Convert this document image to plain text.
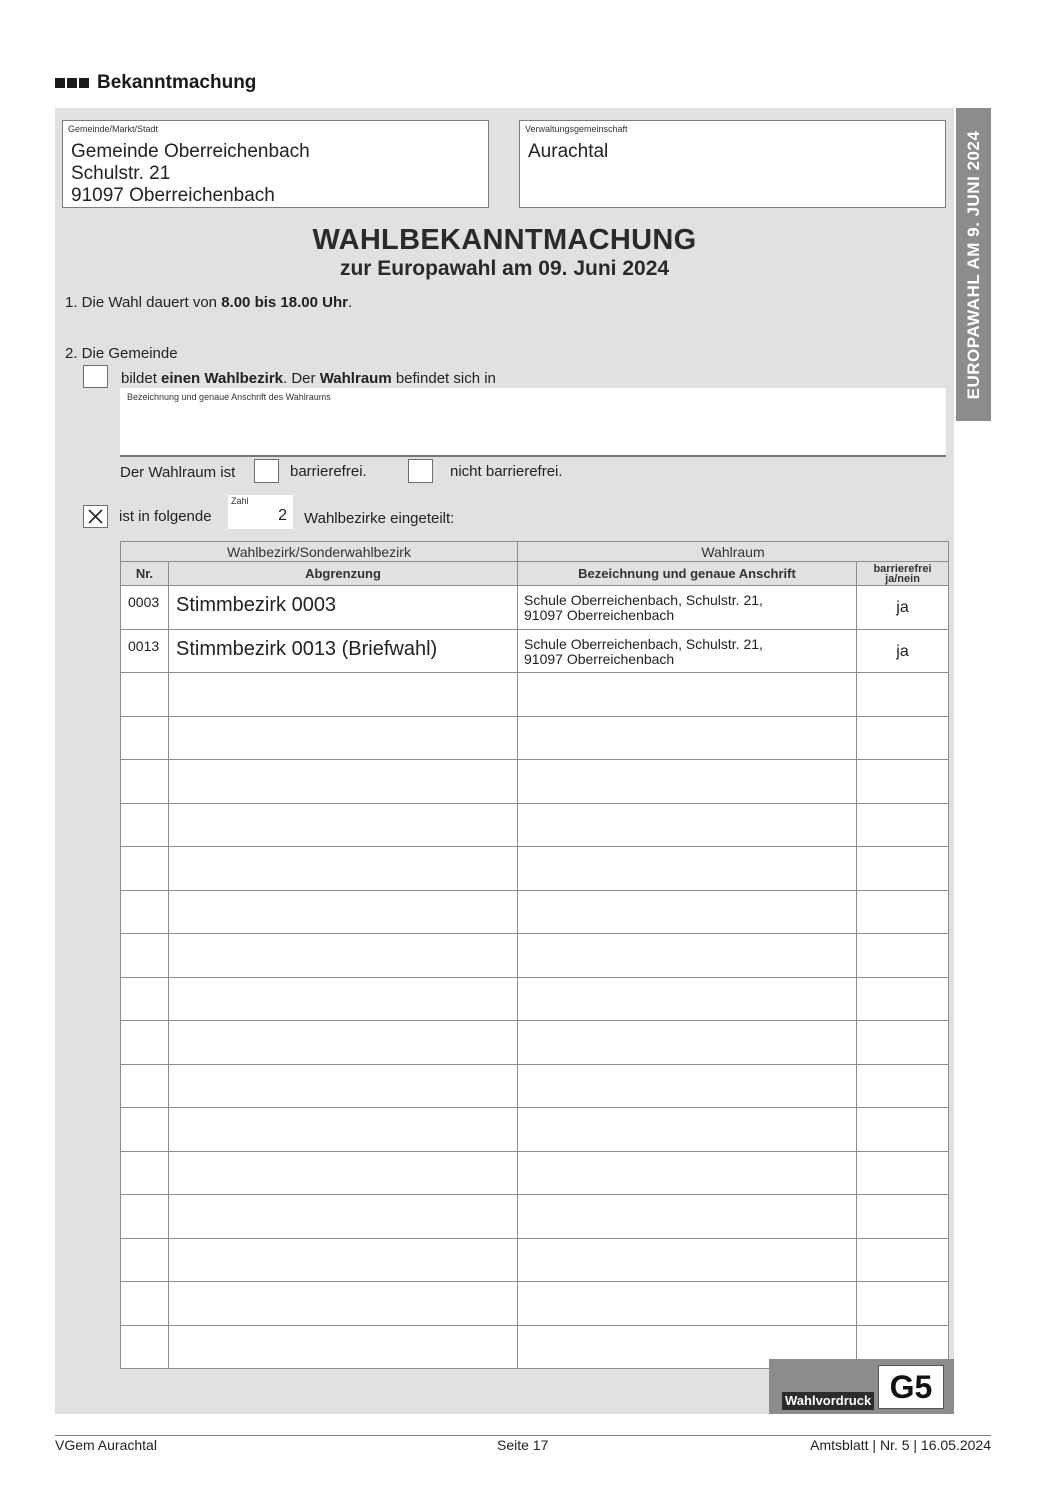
Bekanntmachung
EUROPAWAHL AM 9. JUNI 2024
Gemeinde/Markt/Stadt
Gemeinde Oberreichenbach
Schulstr. 21
91097 Oberreichenbach
Verwaltungsgemeinschaft
Aurachtal
WAHLBEKANNTMACHUNG
zur Europawahl am 09. Juni 2024
1. Die Wahl dauert von 8.00 bis 18.00 Uhr.
2. Die Gemeinde
bildet einen Wahlbezirk. Der Wahlraum befindet sich in
Bezeichnung und genaue Anschrift des Wahlraums
Der Wahlraum ist	barrierefrei.	nicht barrierefrei.
ist in folgende
Zahl
2 Wahlbezirke eingeteilt:
Wahlbezirk/Sonderwahlbezirk		Wahlraum	
Nr.	Abgrenzung	Bezeichnung und genaue Anschrift	barrierefrei
ja/nein

0003	Stimmbezirk 0003	Schule Oberreichenbach, Schulstr. 21,
91097 Oberreichenbach	ja
0013	Stimmbezirk 0013 (Briefwahl)	Schule Oberreichenbach, Schulstr. 21,
91097 Oberreichenbach	ja

Wahlvordruck G5
VGem Aurachtal	Seite 17	Amtsblatt | Nr. 5 | 16.05.2024
